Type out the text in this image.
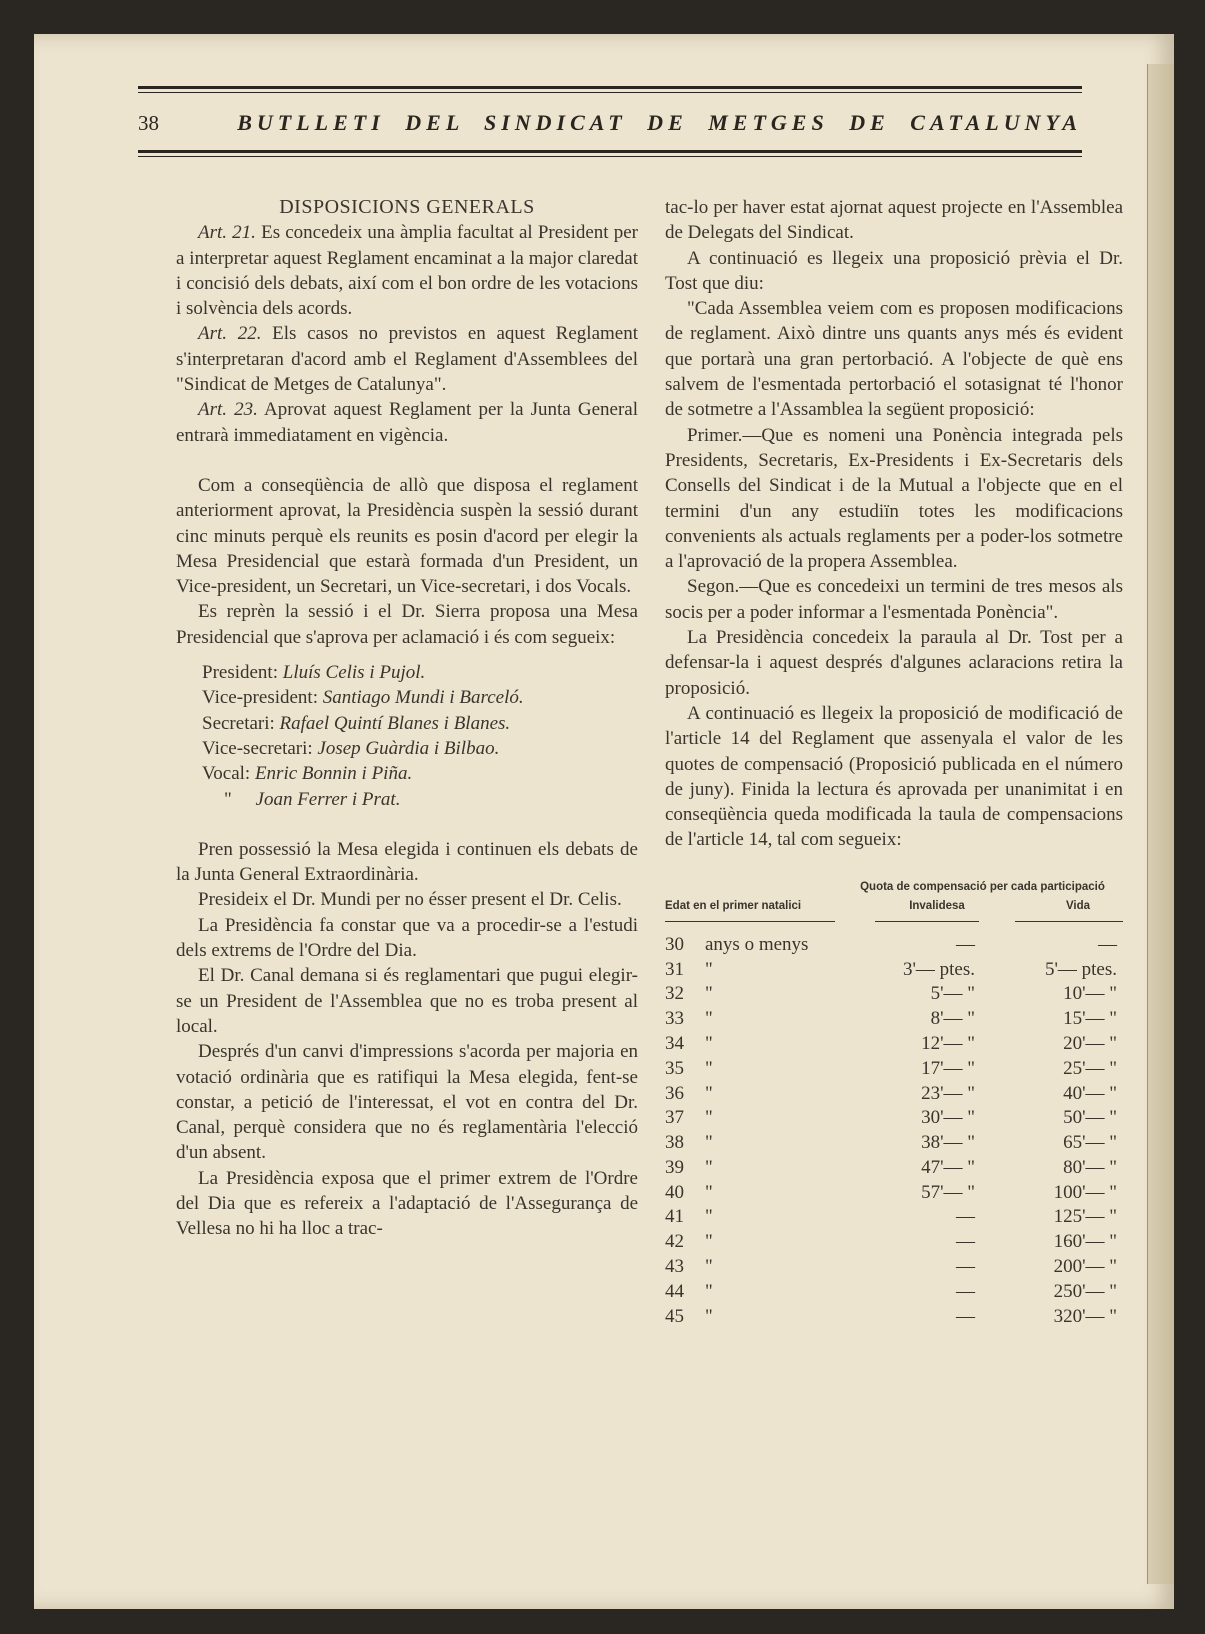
38	BUTLLETI DEL SINDICAT DE METGES DE CATALUNYA

DISPOSICIONS GENERALS

Art. 21. Es concedeix una àmplia facultat al President per a interpretar aquest Reglament encaminat a la major claredat i concisió dels debats, així com el bon ordre de les votacions i solvència dels acords.

Art. 22. Els casos no previstos en aquest Reglament s'interpretaran d'acord amb el Reglament d'Assemblees del "Sindicat de Metges de Catalunya".

Art. 23. Aprovat aquest Reglament per la Junta General entrarà immediatament en vigència.

Com a conseqüència de allò que disposa el reglament anteriorment aprovat, la Presidència suspèn la sessió durant cinc minuts perquè els reunits es posin d'acord per elegir la Mesa Presidencial que estarà formada d'un President, un Vice-president, un Secretari, un Vice-secretari, i dos Vocals.

Es reprèn la sessió i el Dr. Sierra proposa una Mesa Presidencial que s'aprova per aclamació i és com segueix:

President: Lluís Celis i Pujol.
Vice-president: Santiago Mundi i Barceló.
Secretari: Rafael Quintí Blanes i Blanes.
Vice-secretari: Josep Guàrdia i Bilbao.
Vocal: Enric Bonnin i Piña.
"     Joan Ferrer i Prat.

Pren possessió la Mesa elegida i continuen els debats de la Junta General Extraordinària.

Presideix el Dr. Mundi per no ésser present el Dr. Celis.

La Presidència fa constar que va a procedir-se a l'estudi dels extrems de l'Ordre del Dia.

El Dr. Canal demana si és reglamentari que pugui elegir-se un President de l'Assemblea que no es troba present al local.

Després d'un canvi d'impressions s'acorda per majoria en votació ordinària que es ratifiqui la Mesa elegida, fent-se constar, a petició de l'interessat, el vot en contra del Dr. Canal, perquè considera que no és reglamentària l'elecció d'un absent.

La Presidència exposa que el primer extrem de l'Ordre del Dia que es refereix a l'adaptació de l'Assegurança de Vellesa no hi ha lloc a trac-

tac-lo per haver estat ajornat aquest projecte en l'Assemblea de Delegats del Sindicat.

A continuació es llegeix una proposició prèvia el Dr. Tost que diu:

"Cada Assemblea veiem com es proposen modificacions de reglament. Això dintre uns quants anys més és evident que portarà una gran pertorbació. A l'objecte de què ens salvem de l'esmentada pertorbació el sotasignat té l'honor de sotmetre a l'Assamblea la següent proposició:

Primer.—Que es nomeni una Ponència integrada pels Presidents, Secretaris, Ex-Presidents i Ex-Secretaris dels Consells del Sindicat i de la Mutual a l'objecte que en el termini d'un any estudiïn totes les modificacions convenients als actuals reglaments per a poder-los sotmetre a l'aprovació de la propera Assemblea.

Segon.—Que es concedeixi un termini de tres mesos als socis per a poder informar a l'esmentada Ponència".

La Presidència concedeix la paraula al Dr. Tost per a defensar-la i aquest després d'algunes aclaracions retira la proposició.

A continuació es llegeix la proposició de modificació de l'article 14 del Reglament que assenyala el valor de les quotes de compensació (Proposició publicada en el número de juny). Finida la lectura és aprovada per unanimitat i en conseqüència queda modificada la taula de compensacions de l'article 14, tal com segueix:

Quota de compensació per cada participació
Edat en el primer natalici	Invalidesa	Vida
30	anys o menys	—	—
31	"	3'— ptes.	5'— ptes.
32	"	5'— "	10'— "
33	"	8'— "	15'— "
34	"	12'— "	20'— "
35	"	17'— "	25'— "
36	"	23'— "	40'— "
37	"	30'— "	50'— "
38	"	38'— "	65'— "
39	"	47'— "	80'— "
40	"	57'— "	100'— "
41	"	—	125'— "
42	"	—	160'— "
43	"	—	200'— "
44	"	—	250'— "
45	"	—	320'— "
